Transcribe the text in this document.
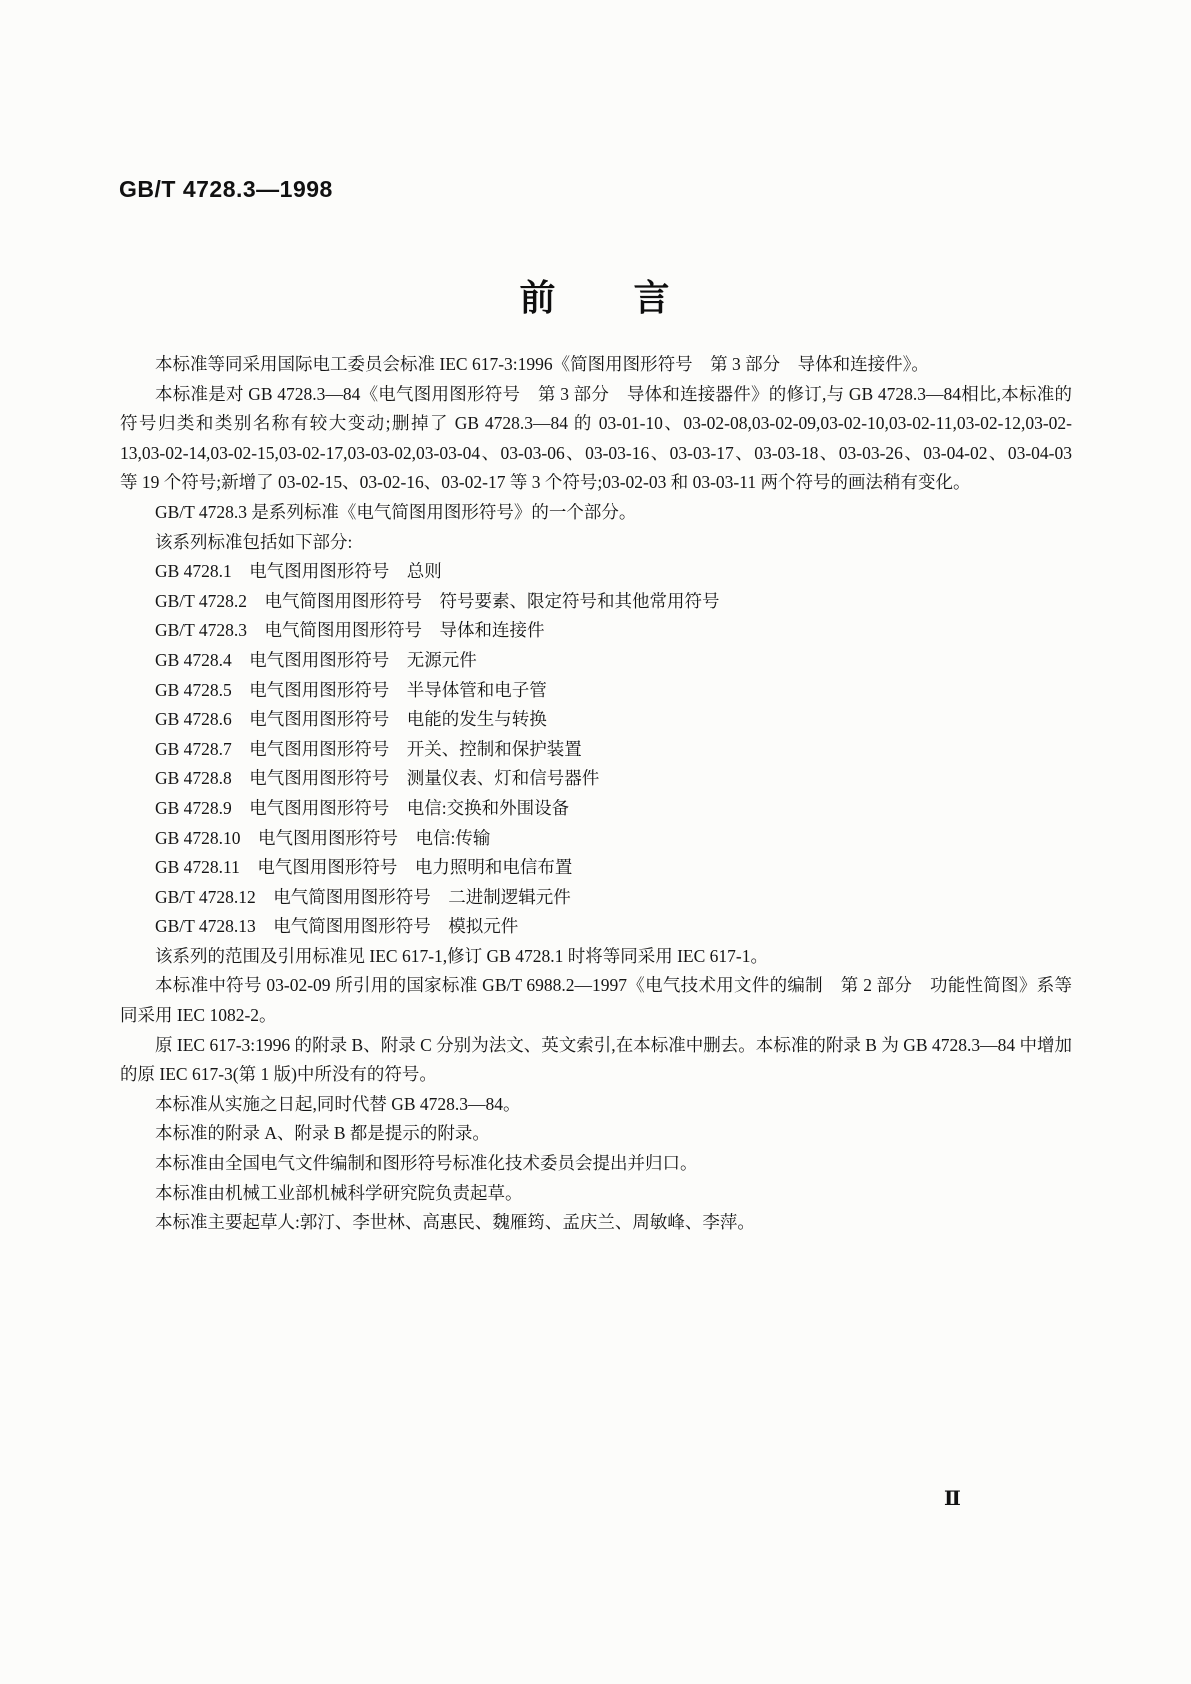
GB/T 4728.3—1998
前　　言

本标准等同采用国际电工委员会标准 IEC 617-3:1996《简图用图形符号　第 3 部分　导体和连接件》。

本标准是对 GB 4728.3—84《电气图用图形符号　第 3 部分　导体和连接器件》的修订,与 GB 4728.3—84相比,本标准的符号归类和类别名称有较大变动;删掉了 GB 4728.3—84 的 03-01-10、03-02-08,03-02-09,03-02-10,03-02-11,03-02-12,03-02-13,03-02-14,03-02-15,03-02-17,03-03-02,03-03-04、03-03-06、03-03-16、03-03-17、03-03-18、03-03-26、03-04-02、03-04-03 等 19 个符号;新增了 03-02-15、03-02-16、03-02-17 等 3 个符号;03-02-03 和 03-03-11 两个符号的画法稍有变化。

GB/T 4728.3 是系列标准《电气简图用图形符号》的一个部分。

该系列标准包括如下部分:

GB 4728.1　电气图用图形符号　总则

GB/T 4728.2　电气简图用图形符号　符号要素、限定符号和其他常用符号

GB/T 4728.3　电气简图用图形符号　导体和连接件

GB 4728.4　电气图用图形符号　无源元件

GB 4728.5　电气图用图形符号　半导体管和电子管

GB 4728.6　电气图用图形符号　电能的发生与转换

GB 4728.7　电气图用图形符号　开关、控制和保护装置

GB 4728.8　电气图用图形符号　测量仪表、灯和信号器件

GB 4728.9　电气图用图形符号　电信:交换和外围设备

GB 4728.10　电气图用图形符号　电信:传输

GB 4728.11　电气图用图形符号　电力照明和电信布置

GB/T 4728.12　电气简图用图形符号　二进制逻辑元件

GB/T 4728.13　电气简图用图形符号　模拟元件

该系列的范围及引用标准见 IEC 617-1,修订 GB 4728.1 时将等同采用 IEC 617-1。

本标准中符号 03-02-09 所引用的国家标准 GB/T 6988.2—1997《电气技术用文件的编制　第 2 部分　功能性简图》系等同采用 IEC 1082-2。

原 IEC 617-3:1996 的附录 B、附录 C 分别为法文、英文索引,在本标准中删去。本标准的附录 B 为 GB 4728.3—84 中增加的原 IEC 617-3(第 1 版)中所没有的符号。

本标准从实施之日起,同时代替 GB 4728.3—84。

本标准的附录 A、附录 B 都是提示的附录。

本标准由全国电气文件编制和图形符号标准化技术委员会提出并归口。

本标准由机械工业部机械科学研究院负责起草。

本标准主要起草人:郭汀、李世林、高惠民、魏雁筠、孟庆兰、周敏峰、李萍。

Ⅱ
